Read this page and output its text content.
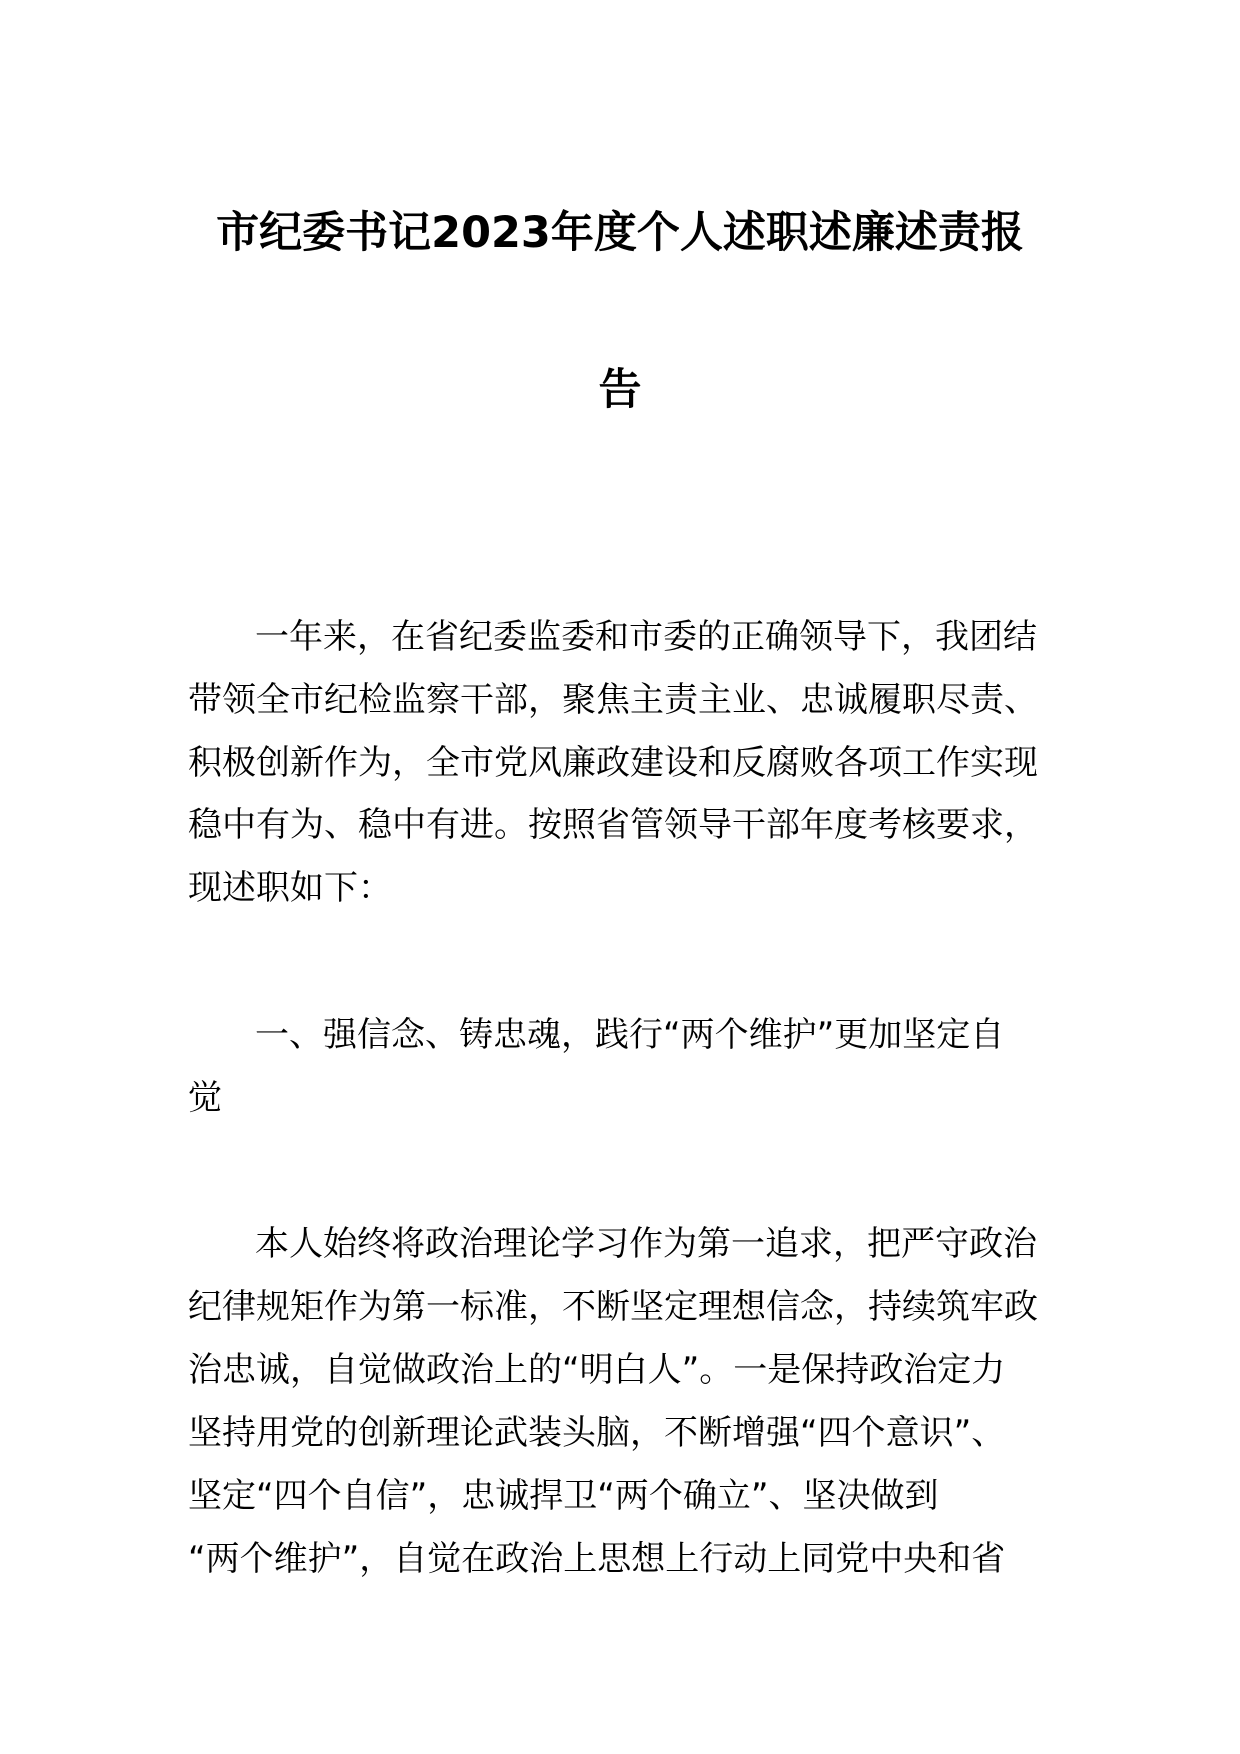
市纪委书记2023年度个人述职述廉述责报
告
一年来，在省纪委监委和市委的正确领导下，我团结
带领全市纪检监察干部，聚焦主责主业、忠诚履职尽责、
积极创新作为，全市党风廉政建设和反腐败各项工作实现
稳中有为、稳中有进。按照省管领导干部年度考核要求，
现述职如下：
一、强信念、铸忠魂，践行“两个维护”更加坚定自
觉
本人始终将政治理论学习作为第一追求，把严守政治
纪律规矩作为第一标准，不断坚定理想信念，持续筑牢政
治忠诚，自觉做政治上的“明白人”。一是保持政治定力
坚持用党的创新理论武装头脑，不断增强“四个意识”、
坚定“四个自信”，忠诚捍卫“两个确立”、坚决做到
“两个维护”，自觉在政治上思想上行动上同党中央和省
